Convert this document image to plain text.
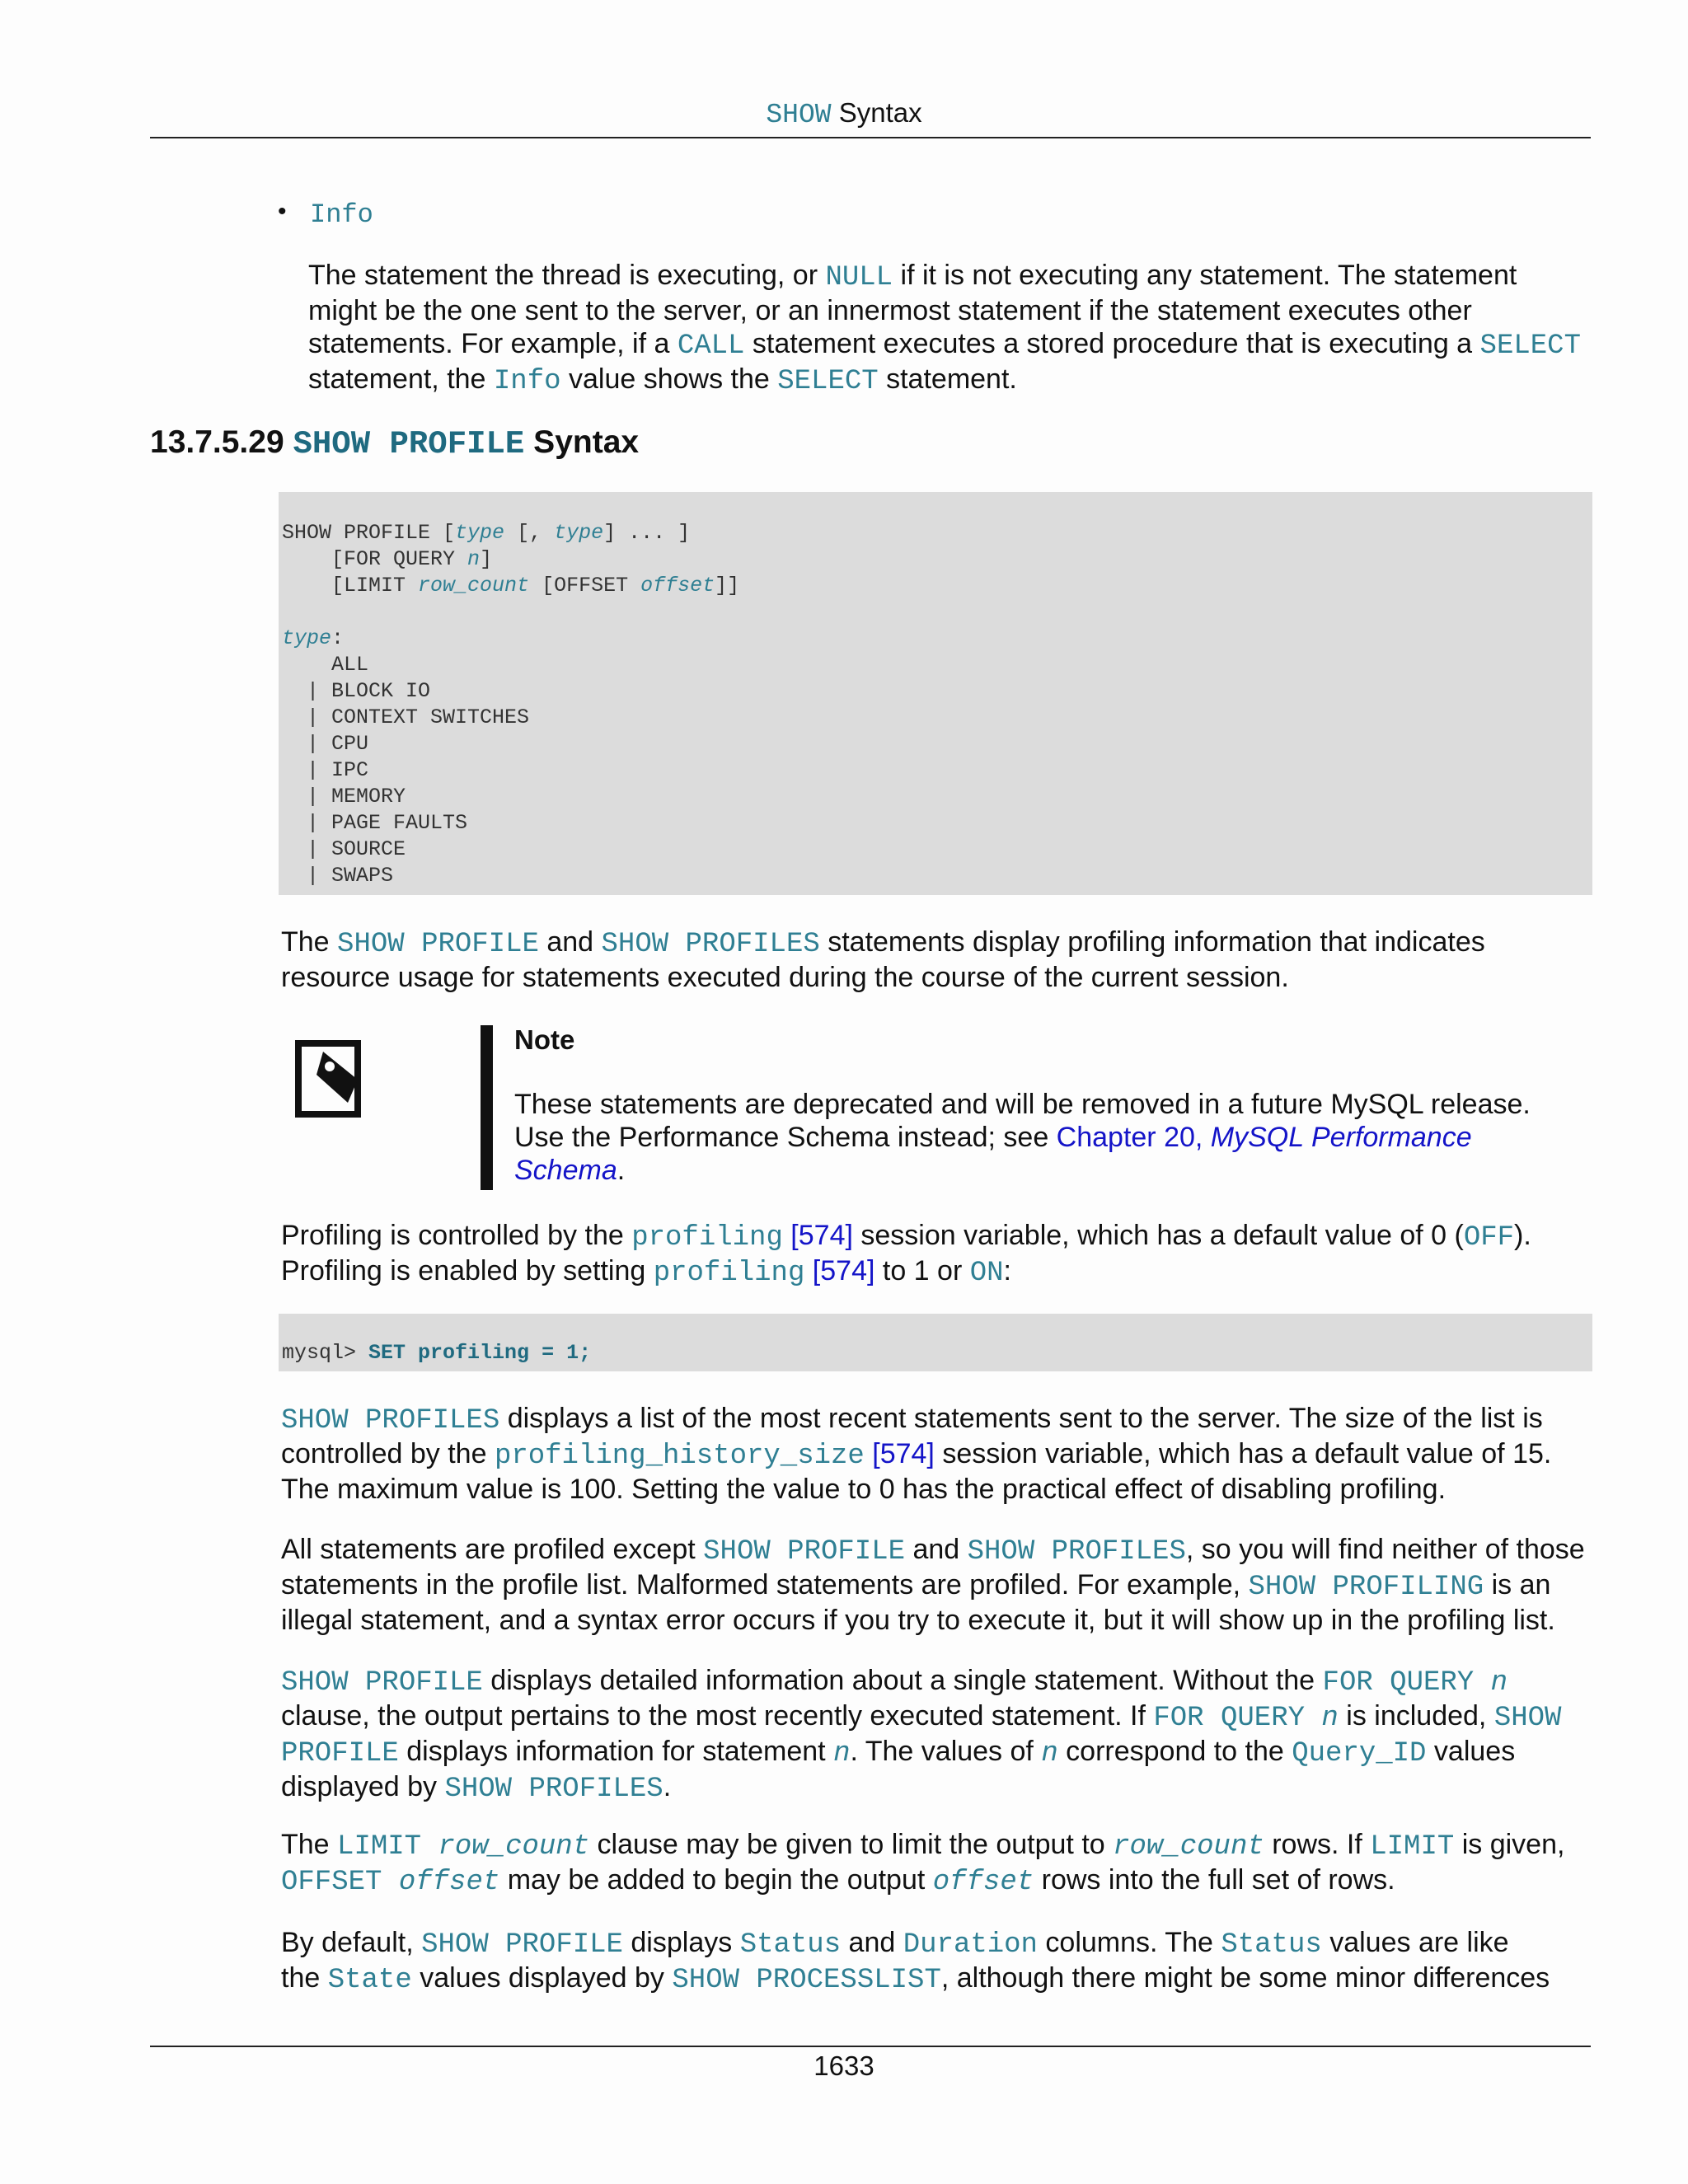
SHOW Syntax
• Info

The statement the thread is executing, or NULL if it is not executing any statement. The statement might be the one sent to the server, or an innermost statement if the statement executes other statements. For example, if a CALL statement executes a stored procedure that is executing a SELECT statement, the Info value shows the SELECT statement.

13.7.5.29 SHOW PROFILE Syntax
SHOW PROFILE [type [, type] ... ]
[FOR QUERY n]
[LIMIT row_count [OFFSET offset]]

type:
ALL
| BLOCK IO
| CONTEXT SWITCHES
| CPU
| IPC
| MEMORY
| PAGE FAULTS
| SOURCE
| SWAPS

The SHOW PROFILE and SHOW PROFILES statements display profiling information that indicates resource usage for statements executed during the course of the current session.

Note

These statements are deprecated and will be removed in a future MySQL release. Use the Performance Schema instead; see Chapter 20, MySQL Performance Schema.

Profiling is controlled by the profiling [574] session variable, which has a default value of 0 (OFF).
Profiling is enabled by setting profiling [574] to 1 or ON:

mysql> SET profiling = 1;

SHOW PROFILES displays a list of the most recent statements sent to the server. The size of the list is controlled by the profiling_history_size [574] session variable, which has a default value of 15. The maximum value is 100. Setting the value to 0 has the practical effect of disabling profiling.

All statements are profiled except SHOW PROFILE and SHOW PROFILES, so you will find neither of those statements in the profile list. Malformed statements are profiled. For example, SHOW PROFILING is an illegal statement, and a syntax error occurs if you try to execute it, but it will show up in the profiling list.

SHOW PROFILE displays detailed information about a single statement. Without the FOR QUERY n clause, the output pertains to the most recently executed statement. If FOR QUERY n is included, SHOW PROFILE displays information for statement n. The values of n correspond to the Query_ID values displayed by SHOW PROFILES.

The LIMIT row_count clause may be given to limit the output to row_count rows. If LIMIT is given, OFFSET offset may be added to begin the output offset rows into the full set of rows.

By default, SHOW PROFILE displays Status and Duration columns. The Status values are like
the State values displayed by SHOW PROCESSLIST, although there might be some minor differences

1633
